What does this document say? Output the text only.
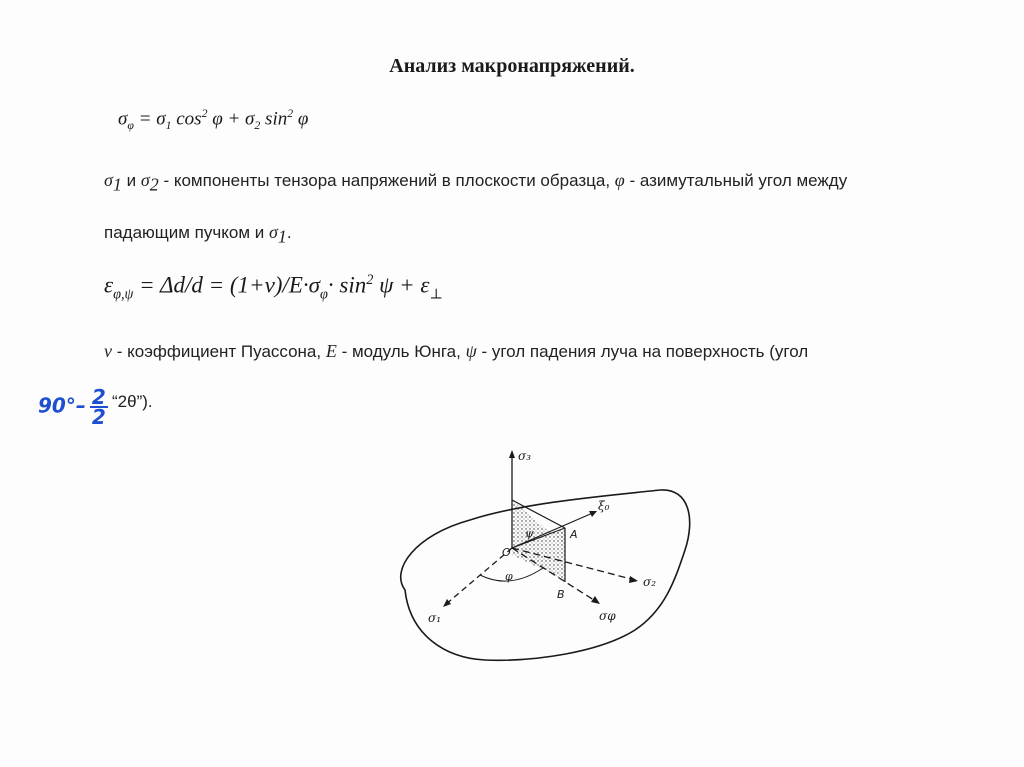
Анализ макронапряжений.
$\sigma_\varphi = \sigma_1$ $\cos^2 \varphi + \sigma_2$ $\sin^2 \varphi$
$\sigma_1$ и $\sigma_2$ - компоненты тензора напряжений в плоскости образца, φ - азимутальный угол между
падающим пучком и $\sigma_1$.
$\varepsilon_{\varphi,\psi} = \Delta d/d = (1+\nu)/E\cdot\sigma_\varphi\cdot \sin^2 \psi + \varepsilon_\perp$
ν - коэффициент Пуассона, E - модуль Юнга, ψ - угол падения луча на поверхность (угол
“2θ”).
$90^\circ- \frac{2}{2}$
σ₃
ξ₀
A
O
ψ
φ
B
σ₁
σ₂
σφ
